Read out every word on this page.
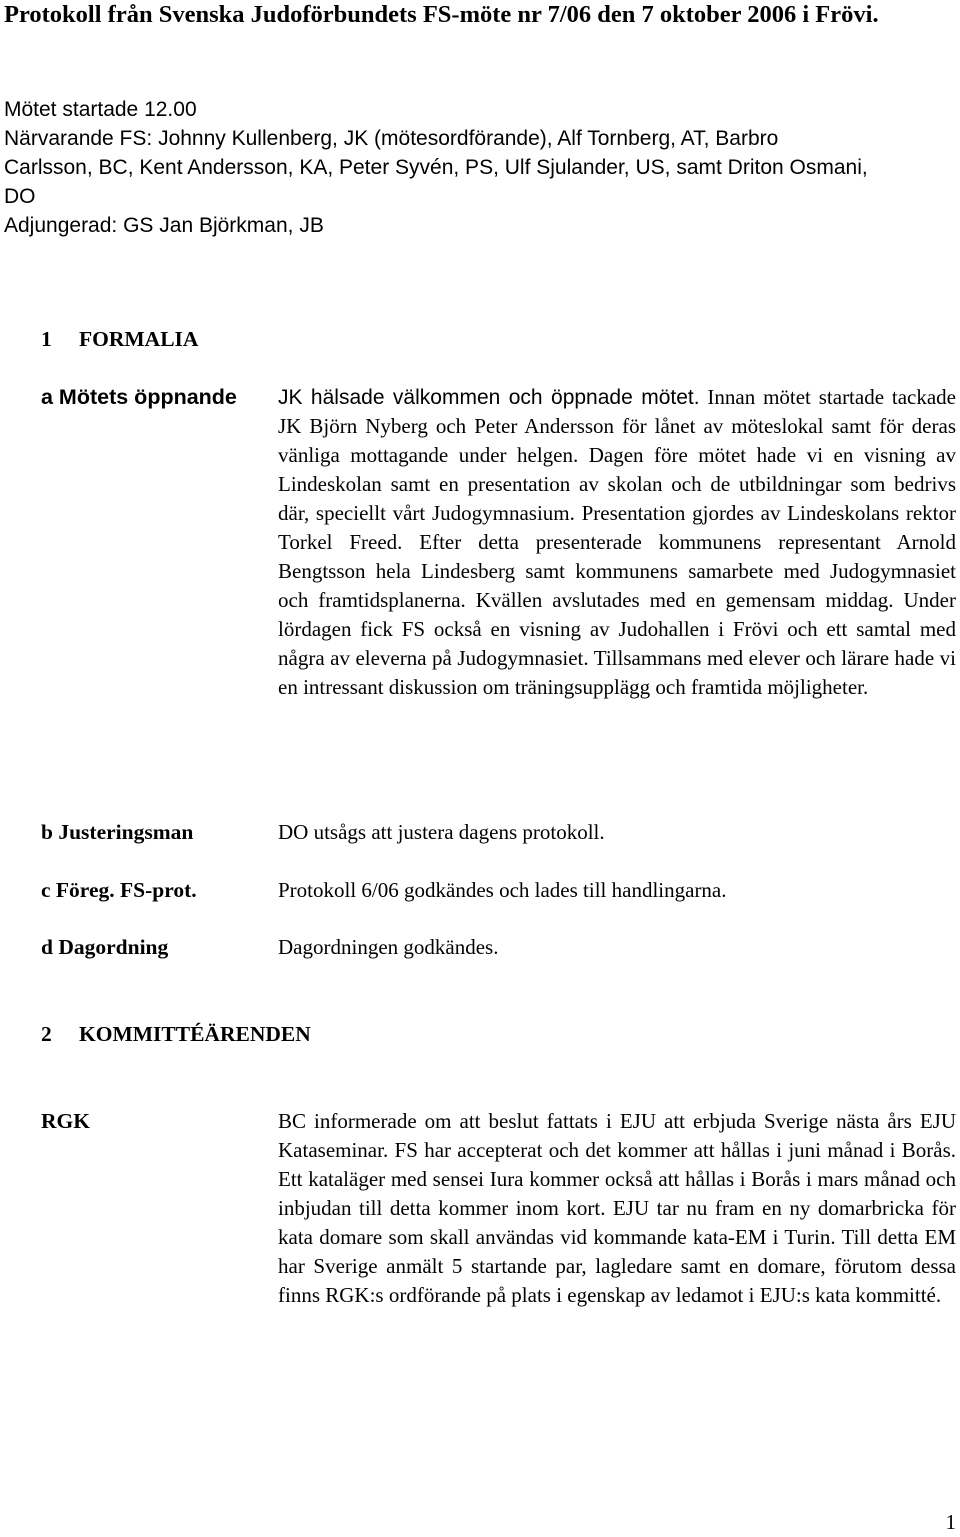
Protokoll från Svenska Judoförbundets FS-möte nr 7/06 den 7 oktober 2006 i Frövi.
Mötet startade 12.00
Närvarande FS: Johnny Kullenberg, JK (mötesordförande), Alf Tornberg, AT, Barbro
Carlsson, BC, Kent Andersson, KA, Peter Syvén, PS, Ulf Sjulander, US, samt Driton Osmani,
DO
Adjungerad: GS Jan Björkman, JB
1 FORMALIA
a Mötets öppnande	JK hälsade välkommen och öppnade mötet. Innan mötet startade tackade JK Björn Nyberg och Peter Andersson för lånet av möteslokal samt för deras vänliga mottagande under helgen. Dagen före mötet hade vi en visning av Lindeskolan samt en presentation av skolan och de utbildningar som bedrivs där, speciellt vårt Judogymnasium. Presentation gjordes av Lindeskolans rektor Torkel Freed. Efter detta presenterade kommunens representant Arnold Bengtsson hela Lindesberg samt kommunens samarbete med Judogymnasiet och framtidsplanerna. Kvällen avslutades med en gemensam middag. Under lördagen fick FS också en visning av Judohallen i Frövi och ett samtal med några av eleverna på Judogymnasiet. Tillsammans med elever och lärare hade vi en intressant diskussion om träningsupplägg och framtida möjligheter.

b Justeringsman	DO utsågs att justera dagens protokoll.
c Föreg. FS-prot.	Protokoll 6/06 godkändes och lades till handlingarna.
d Dagordning	Dagordningen godkändes.
2 KOMMITTÉÄRENDEN
RGK	BC informerade om att beslut fattats i EJU att erbjuda Sverige nästa års EJU Kataseminar. FS har accepterat och det kommer att hållas i juni månad i Borås. Ett kataläger med sensei Iura kommer också att hållas i Borås i mars månad och inbjudan till detta kommer inom kort. EJU tar nu fram en ny domarbricka för kata domare som skall användas vid kommande kata-EM i Turin. Till detta EM har Sverige anmält 5 startande par, lagledare samt en domare, förutom dessa finns RGK:s ordförande på plats i egenskap av ledamot i EJU:s kata kommitté.
1
